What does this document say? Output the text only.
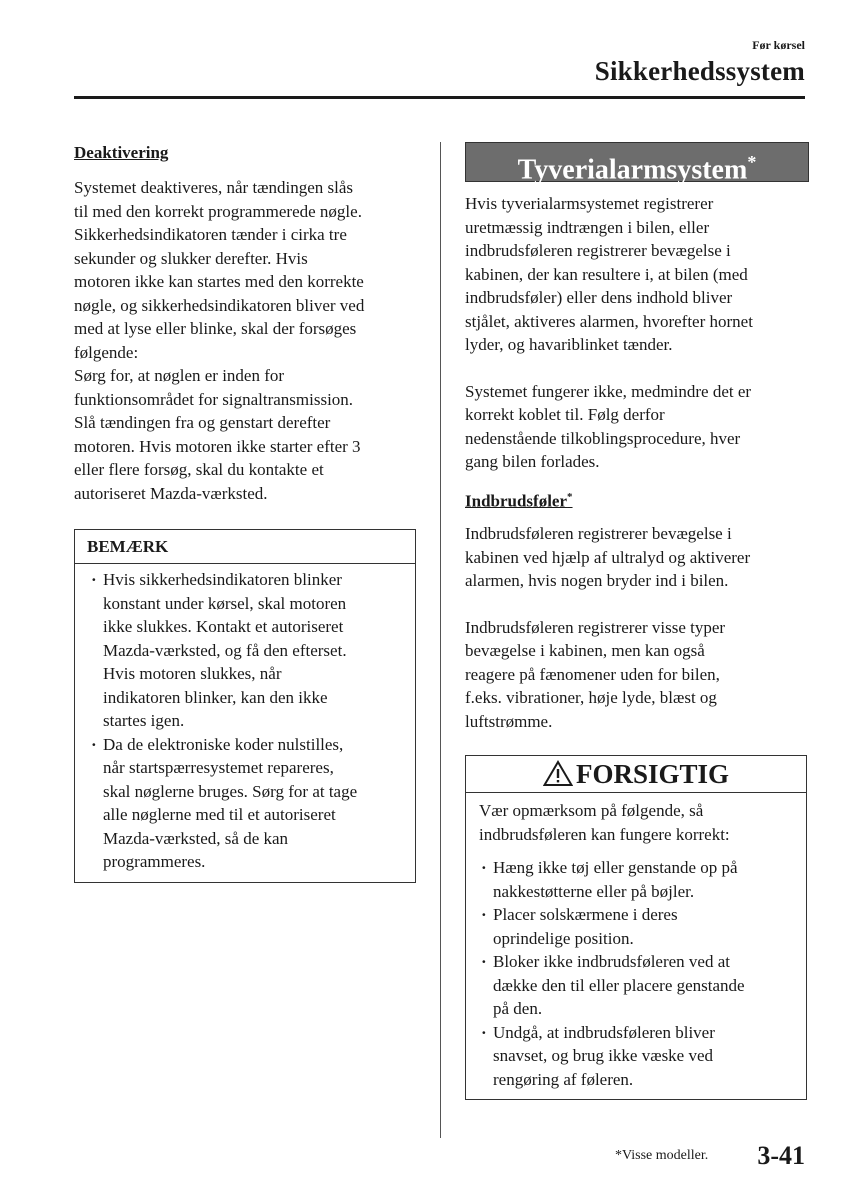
Før kørsel
Sikkerhedssystem

Deaktivering

Systemet deaktiveres, når tændingen slås
til med den korrekt programmerede nøgle.
Sikkerhedsindikatoren tænder i cirka tre
sekunder og slukker derefter. Hvis
motoren ikke kan startes med den korrekte
nøgle, og sikkerhedsindikatoren bliver ved
med at lyse eller blinke, skal der forsøges
følgende:
Sørg for, at nøglen er inden for
funktionsområdet for signaltransmission.
Slå tændingen fra og genstart derefter
motoren. Hvis motoren ikke starter efter 3
eller flere forsøg, skal du kontakte et
autoriseret Mazda-værksted.

BEMÆRK
· Hvis sikkerhedsindikatoren blinker
konstant under kørsel, skal motoren
ikke slukkes. Kontakt et autoriseret
Mazda-værksted, og få den efterset.
Hvis motoren slukkes, når
indikatoren blinker, kan den ikke
startes igen.
· Da de elektroniske koder nulstilles,
når startspærresystemet repareres,
skal nøglerne bruges. Sørg for at tage
alle nøglerne med til et autoriseret
Mazda-værksted, så de kan
programmeres.
Tyverialarmsystem*

Hvis tyverialarmsystemet registrerer
uretmæssig indtrængen i bilen, eller
indbrudsføleren registrerer bevægelse i
kabinen, der kan resultere i, at bilen (med
indbrudsføler) eller dens indhold bliver
stjålet, aktiveres alarmen, hvorefter hornet
lyder, og havariblinket tænder.

Systemet fungerer ikke, medmindre det er
korrekt koblet til. Følg derfor
nedenstående tilkoblingsprocedure, hver
gang bilen forlades.

Indbrudsføler*

Indbrudsføleren registrerer bevægelse i
kabinen ved hjælp af ultralyd og aktiverer
alarmen, hvis nogen bryder ind i bilen.

Indbrudsføleren registrerer visse typer
bevægelse i kabinen, men kan også
reagere på fænomener uden for bilen,
f.eks. vibrationer, høje lyde, blæst og
luftstrømme.

FORSIGTIG

Vær opmærksom på følgende, så
indbrudsføleren kan fungere korrekt:

· Hæng ikke tøj eller genstande op på
nakkestøtterne eller på bøjler.
· Placer solskærmene i deres
oprindelige position.
· Bloker ikke indbrudsføleren ved at
dække den til eller placere genstande
på den.
· Undgå, at indbrudsføleren bliver
snavset, og brug ikke væske ved
rengøring af føleren.
*Visse modeller. 3-41
